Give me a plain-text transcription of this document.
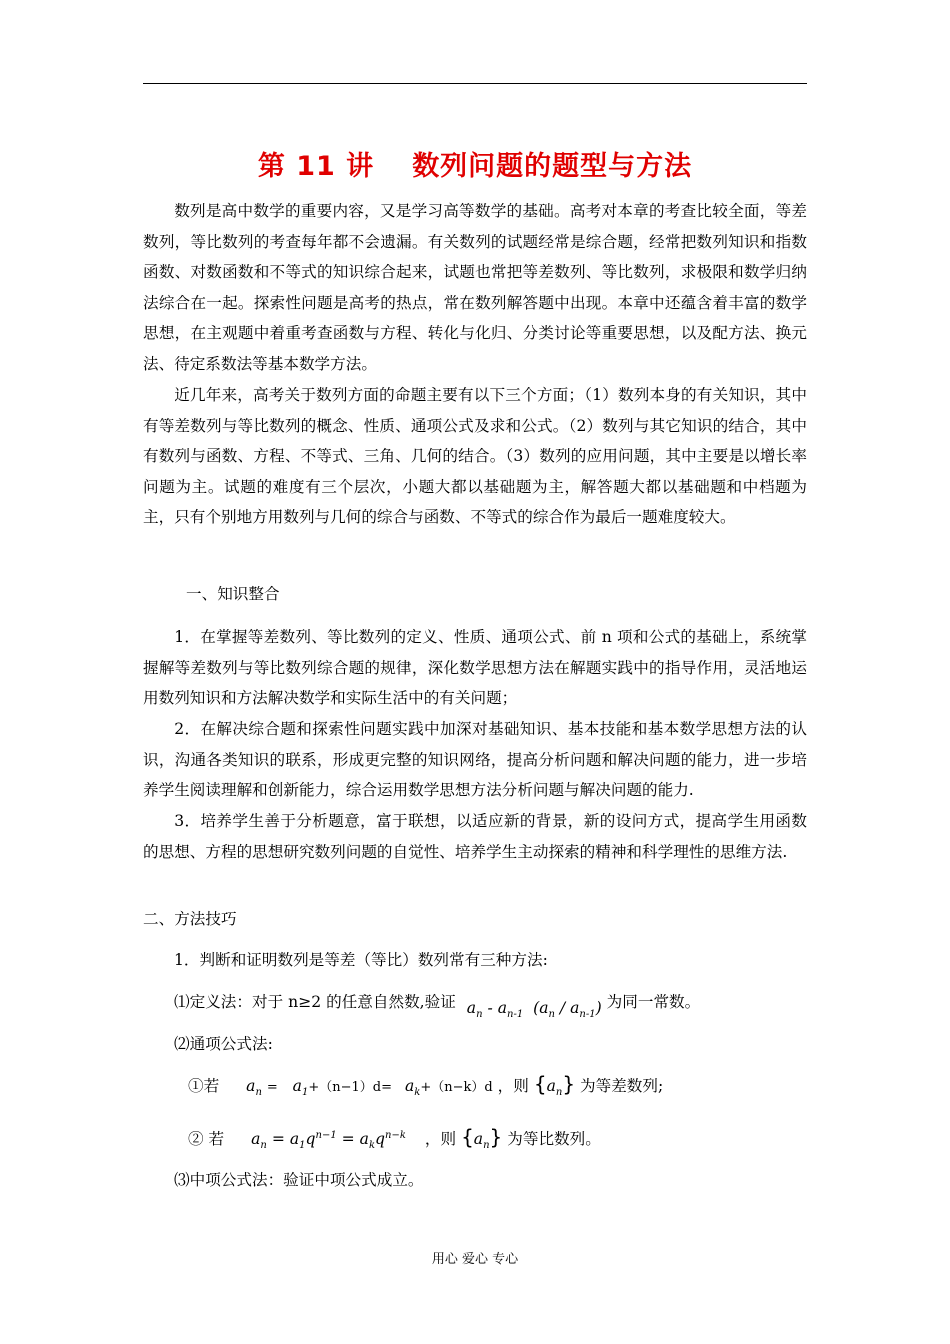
第 11 讲 数列问题的题型与方法

数列是高中数学的重要内容，又是学习高等数学的基础。高考对本章的考查比较全面，等差数列，等比数列的考查每年都不会遗漏。有关数列的试题经常是综合题，经常把数列知识和指数函数、对数函数和不等式的知识综合起来，试题也常把等差数列、等比数列，求极限和数学归纳法综合在一起。探索性问题是高考的热点，常在数列解答题中出现。本章中还蕴含着丰富的数学思想，在主观题中着重考查函数与方程、转化与化归、分类讨论等重要思想，以及配方法、换元法、待定系数法等基本数学方法。

近几年来，高考关于数列方面的命题主要有以下三个方面；（1）数列本身的有关知识，其中有等差数列与等比数列的概念、性质、通项公式及求和公式。（2）数列与其它知识的结合，其中有数列与函数、方程、不等式、三角、几何的结合。（3）数列的应用问题，其中主要是以增长率问题为主。试题的难度有三个层次，小题大都以基础题为主，解答题大都以基础题和中档题为主，只有个别地方用数列与几何的综合与函数、不等式的综合作为最后一题难度较大。

一、知识整合

1．在掌握等差数列、等比数列的定义、性质、通项公式、前 n 项和公式的基础上，系统掌握解等差数列与等比数列综合题的规律，深化数学思想方法在解题实践中的指导作用，灵活地运用数列知识和方法解决数学和实际生活中的有关问题；

2．在解决综合题和探索性问题实践中加深对基础知识、基本技能和基本数学思想方法的认识，沟通各类知识的联系，形成更完整的知识网络，提高分析问题和解决问题的能力，进一步培养学生阅读理解和创新能力，综合运用数学思想方法分析问题与解决问题的能力.

3．培养学生善于分析题意，富于联想，以适应新的背景，新的设问方式，提高学生用函数的思想、方程的思想研究数列问题的自觉性、培养学生主动探索的精神和科学理性的思维方法.

二、方法技巧
1．判断和证明数列是等差（等比）数列常有三种方法:
⑴定义法：对于 n≥2 的任意自然数,验证 $a_n - a_{n-1}$  $(a_n / a_{n-1})$ 为同一常数。
⑵通项公式法:
①若 $a_n = a_1+(n-1)d= a_k+(n-k)d$ ，则 $\{a_n\}$ 为等差数列;
② 若 $a_n = a_1q^{n-1} = a_kq^{n-k}$ ，则 $\{a_n\}$ 为等比数列。
⑶中项公式法：验证中项公式成立。
用心 爱心 专心
